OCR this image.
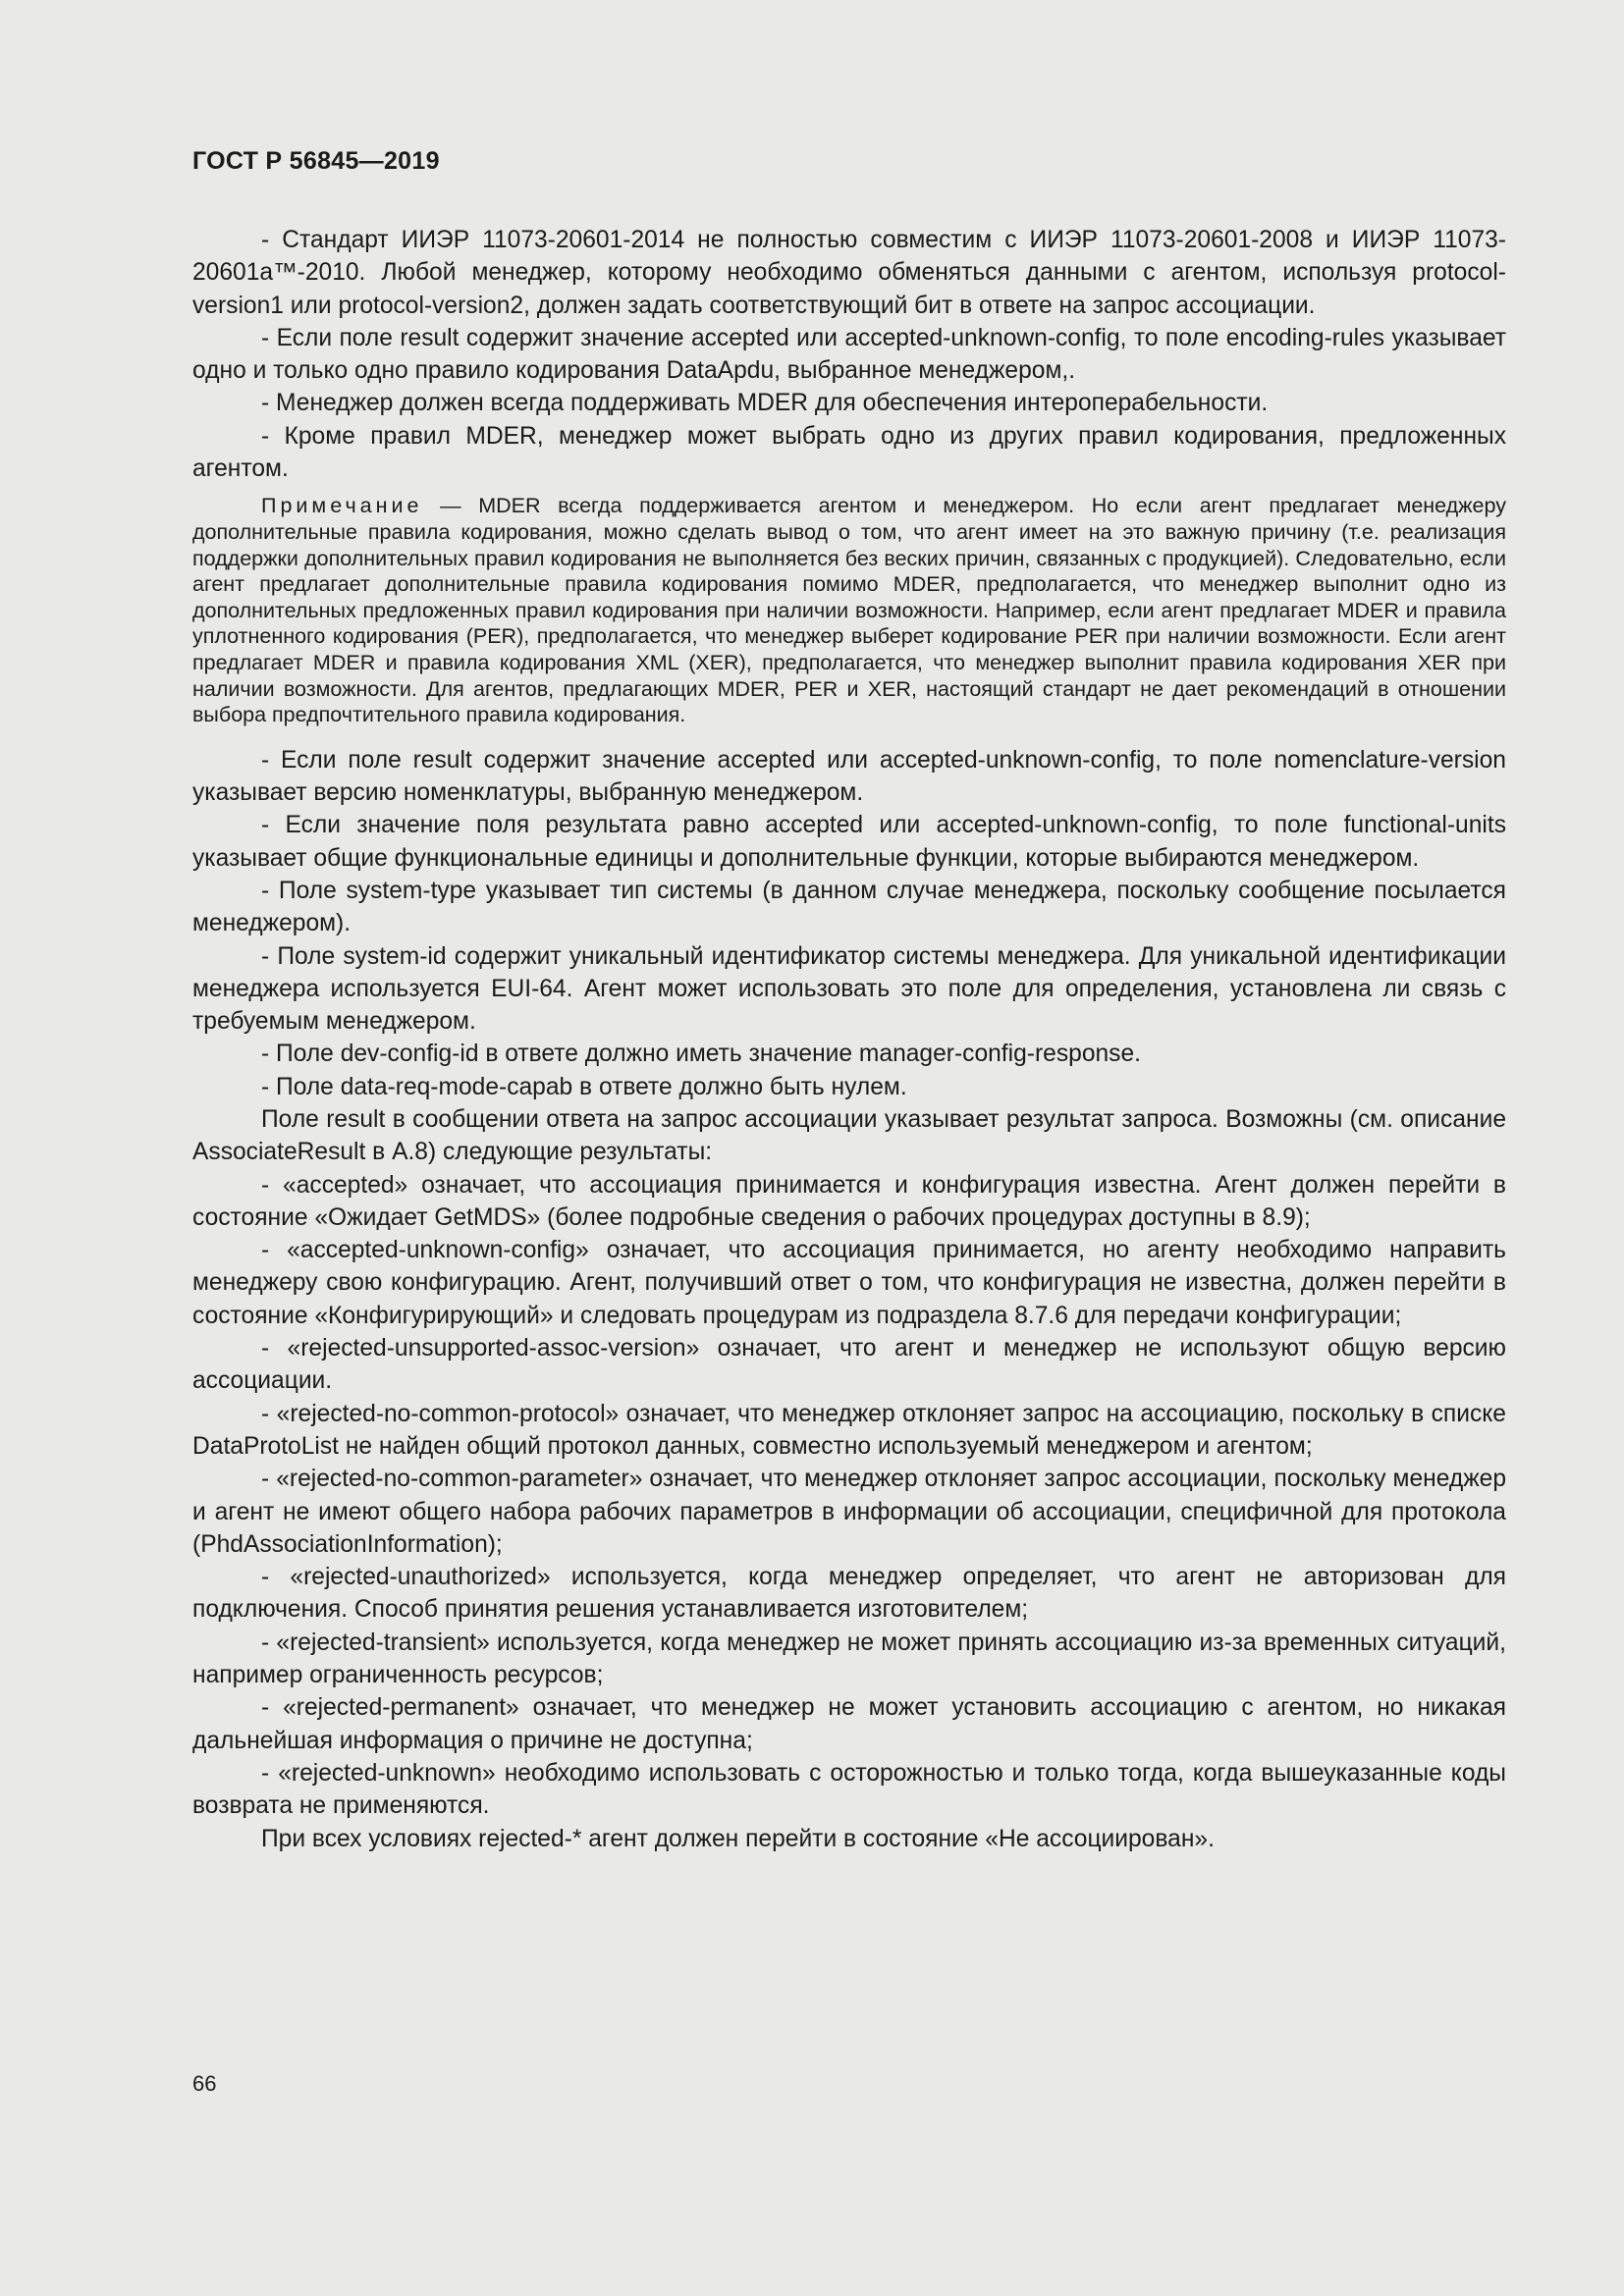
ГОСТ Р 56845—2019

- Стандарт ИИЭР 11073-20601-2014 не полностью совместим с ИИЭР 11073-20601-2008 и ИИЭР 11073-20601a™-2010. Любой менеджер, которому необходимо обменяться данными с агентом, используя protocol-version1 или protocol-version2, должен задать соответствующий бит в ответе на запрос ассоциации.

- Если поле result содержит значение accepted или accepted-unknown-config, то поле encoding-rules указывает одно и только одно правило кодирования DataApdu, выбранное менеджером,.

- Менеджер должен всегда поддерживать MDER для обеспечения интероперабельности.

- Кроме правил MDER, менеджер может выбрать одно из других правил кодирования, предложенных агентом.

Примечание — MDER всегда поддерживается агентом и менеджером. Но если агент предлагает менеджеру дополнительные правила кодирования, можно сделать вывод о том, что агент имеет на это важную причину (т.е. реализация поддержки дополнительных правил кодирования не выполняется без веских причин, связанных с продукцией). Следовательно, если агент предлагает дополнительные правила кодирования помимо MDER, предполагается, что менеджер выполнит одно из дополнительных предложенных правил кодирования при наличии возможности. Например, если агент предлагает MDER и правила уплотненного кодирования (PER), предполагается, что менеджер выберет кодирование PER при наличии возможности. Если агент предлагает MDER и правила кодирования XML (XER), предполагается, что менеджер выполнит правила кодирования XER при наличии возможности. Для агентов, предлагающих MDER, PER и XER, настоящий стандарт не дает рекомендаций в отношении выбора предпочтительного правила кодирования.

- Если поле result содержит значение accepted или accepted-unknown-config, то поле nomenclature-version указывает версию номенклатуры, выбранную менеджером.

- Если значение поля результата равно accepted или accepted-unknown-config, то поле functional-units указывает общие функциональные единицы и дополнительные функции, которые выбираются менеджером.

- Поле system-type указывает тип системы (в данном случае менеджера, поскольку сообщение посылается менеджером).

- Поле system-id содержит уникальный идентификатор системы менеджера. Для уникальной идентификации менеджера используется EUI-64. Агент может использовать это поле для определения, установлена ли связь с требуемым менеджером.

- Поле dev-config-id в ответе должно иметь значение manager-config-response.

- Поле data-req-mode-capab в ответе должно быть нулем.

Поле result в сообщении ответа на запрос ассоциации указывает результат запроса. Возможны (см. описание AssociateResult в А.8) следующие результаты:

- «accepted» означает, что ассоциация принимается и конфигурация известна. Агент должен перейти в состояние «Ожидает GetMDS» (более подробные сведения о рабочих процедурах доступны в 8.9);

- «accepted-unknown-config» означает, что ассоциация принимается, но агенту необходимо направить менеджеру свою конфигурацию. Агент, получивший ответ о том, что конфигурация не известна, должен перейти в состояние «Конфигурирующий» и следовать процедурам из подраздела 8.7.6 для передачи конфигурации;

- «rejected-unsupported-assoc-version» означает, что агент и менеджер не используют общую версию ассоциации.

- «rejected-no-common-protocol» означает, что менеджер отклоняет запрос на ассоциацию, поскольку в списке DataProtoList не найден общий протокол данных, совместно используемый менеджером и агентом;

- «rejected-no-common-parameter» означает, что менеджер отклоняет запрос ассоциации, поскольку менеджер и агент не имеют общего набора рабочих параметров в информации об ассоциации, специфичной для протокола (PhdAssociationInformation);

- «rejected-unauthorized» используется, когда менеджер определяет, что агент не авторизован для подключения. Способ принятия решения устанавливается изготовителем;

- «rejected-transient» используется, когда менеджер не может принять ассоциацию из-за временных ситуаций, например ограниченность ресурсов;

- «rejected-permanent» означает, что менеджер не может установить ассоциацию с агентом, но никакая дальнейшая информация о причине не доступна;

- «rejected-unknown» необходимо использовать с осторожностью и только тогда, когда вышеуказанные коды возврата не применяются.

При всех условиях rejected-* агент должен перейти в состояние «Не ассоциирован».

66
